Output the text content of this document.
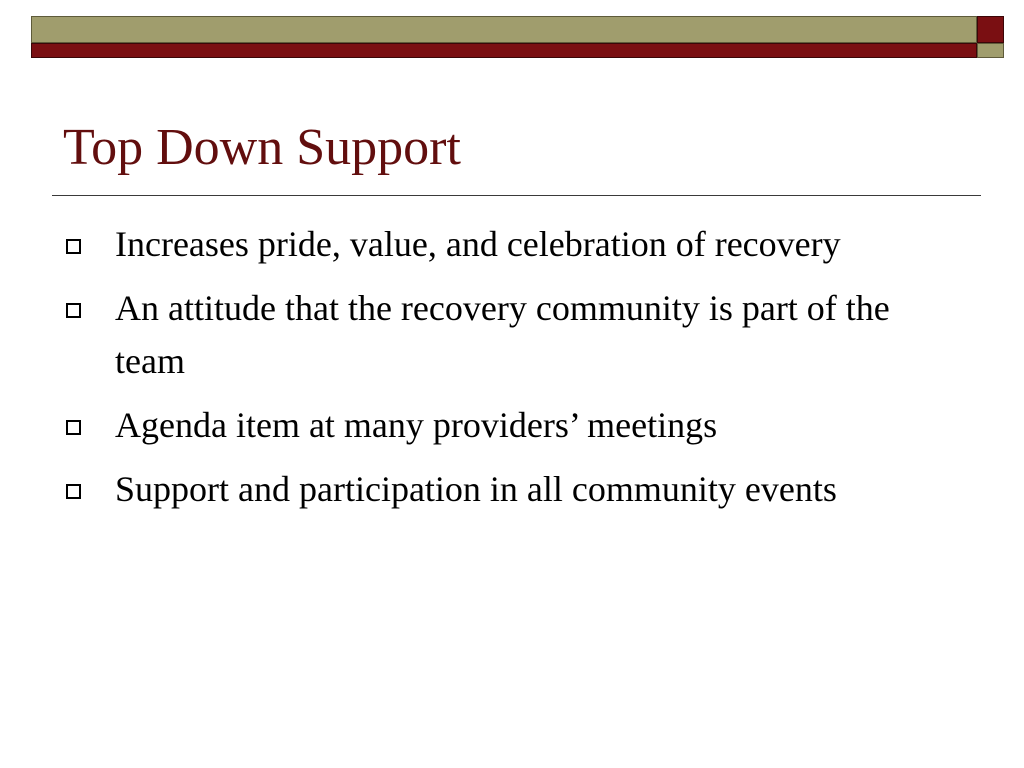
Top Down Support
Increases pride, value, and celebration of recovery
An attitude that the recovery community is part of the team
Agenda item at many providers’ meetings
Support and participation in all community events
